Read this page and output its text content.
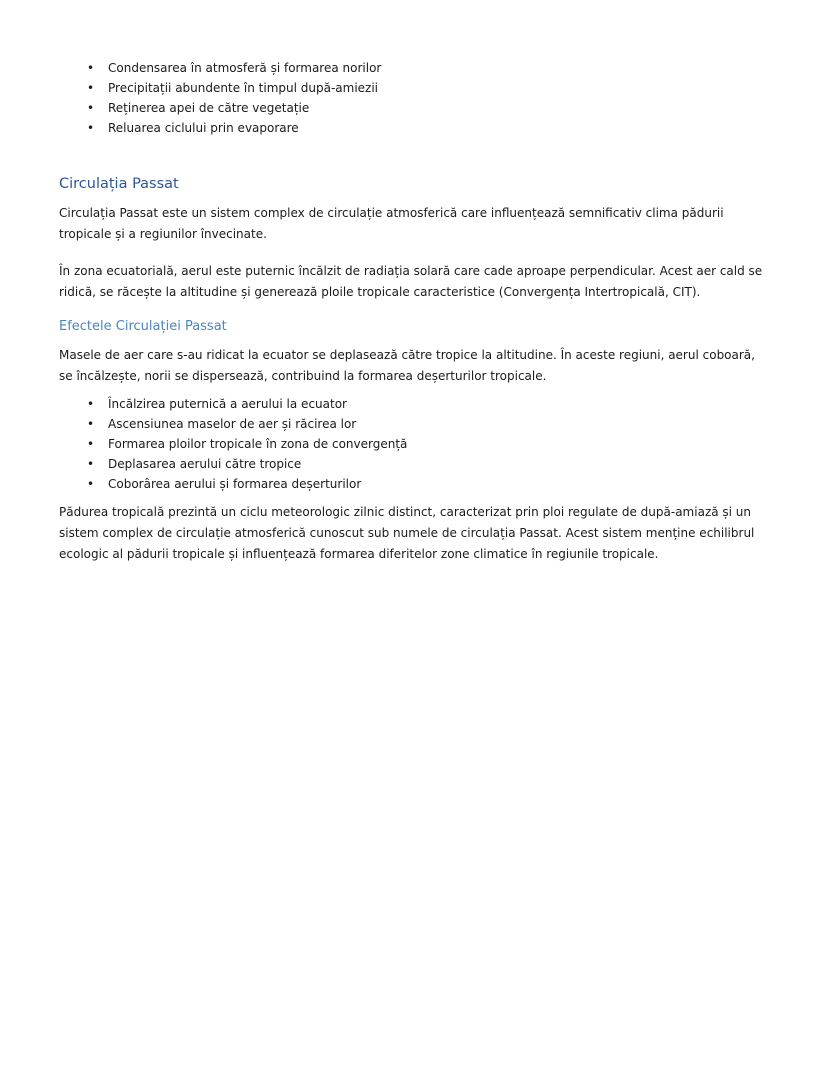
• Condensarea în atmosferă și formarea norilor
• Precipitații abundente în timpul după-amiezii
• Reținerea apei de către vegetație
• Reluarea ciclului prin evaporare
Circulația Passat

Circulația Passat este un sistem complex de circulație atmosferică care influențează semnificativ clima pădurii tropicale și a regiunilor învecinate.

În zona ecuatorială, aerul este puternic încălzit de radiația solară care cade aproape perpendicular. Acest aer cald se ridică, se răcește la altitudine și generează ploile tropicale caracteristice (Convergența Intertropicală, CIT).

Efectele Circulației Passat

Masele de aer care s-au ridicat la ecuator se deplasează către tropice la altitudine. În aceste regiuni, aerul coboară, se încălzește, norii se dispersează, contribuind la formarea deșerturilor tropicale.

• Încălzirea puternică a aerului la ecuator
• Ascensiunea maselor de aer și răcirea lor
• Formarea ploilor tropicale în zona de convergență
• Deplasarea aerului către tropice
• Coborârea aerului și formarea deșerturilor

Pădurea tropicală prezintă un ciclu meteorologic zilnic distinct, caracterizat prin ploi regulate de după-amiază și un sistem complex de circulație atmosferică cunoscut sub numele de circulația Passat. Acest sistem menține echilibrul ecologic al pădurii tropicale și influențează formarea diferitelor zone climatice în regiunile tropicale.
